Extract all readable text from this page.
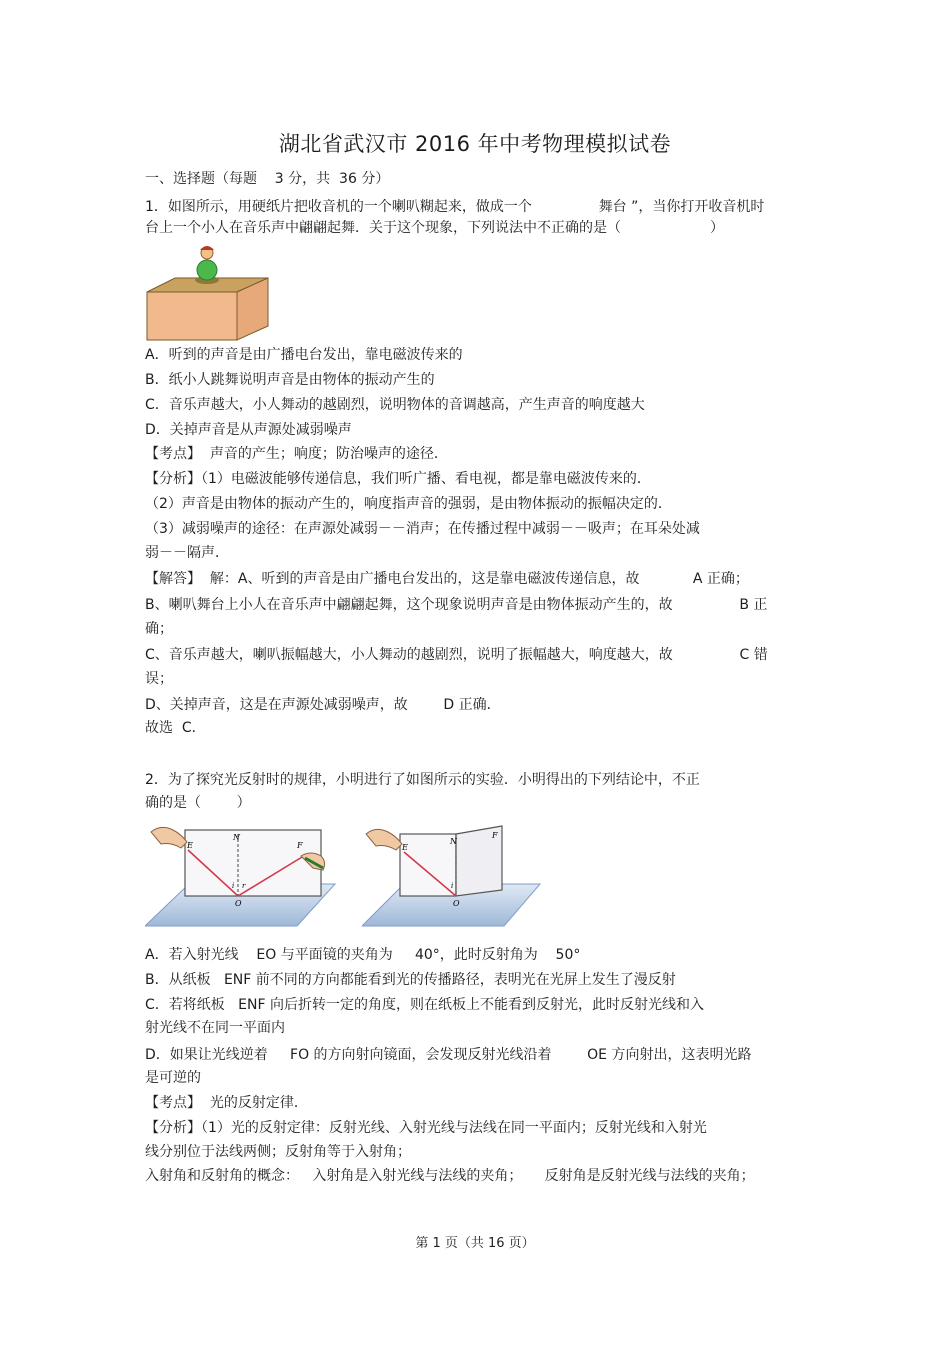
湖北省武汉市 2016 年中考物理模拟试卷
一、选择题（每题    3 分，共  36 分）
1．如图所示，用硬纸片把收音机的一个喇叭糊起来，做成一个               舞台 ”，当你打开收音机时
台上一个小人在音乐声中翩翩起舞．关于这个现象，下列说法中不正确的是（                    ）
A．听到的声音是由广播电台发出，靠电磁波传来的
B．纸小人跳舞说明声音是由物体的振动产生的
C．音乐声越大，小人舞动的越剧烈，说明物体的音调越高，产生声音的响度越大
D．关掉声音是从声源处减弱噪声
【考点】  声音的产生；响度；防治噪声的途径．
【分析】（1）电磁波能够传递信息，我们听广播、看电视，都是靠电磁波传来的．
（2）声音是由物体的振动产生的，响度指声音的强弱，是由物体振动的振幅决定的．
（3）减弱噪声的途径：在声源处减弱－－消声；在传播过程中减弱－－吸声；在耳朵处减
弱－－隔声．
【解答】  解：A、听到的声音是由广播电台发出的，这是靠电磁波传递信息，故            A 正确；
B、喇叭舞台上小人在音乐声中翩翩起舞，这个现象说明声音是由物体振动产生的，故               B 正
确；
C、音乐声越大，喇叭振幅越大，小人舞动的越剧烈，说明了振幅越大，响度越大，故               C 错
误；
D、关掉声音，这是在声源处减弱噪声，故        D 正确．
故选  C．
2．为了探究光反射时的规律，小明进行了如图所示的实验．小明得出的下列结论中，不正
确的是（        ）
N
E	F
i r
O
E
N
F
i
O
A．若入射光线    EO 与平面镜的夹角为     40°，此时反射角为    50°
B．从纸板   ENF 前不同的方向都能看到光的传播路径，表明光在光屏上发生了漫反射
C．若将纸板   ENF 向后折转一定的角度，则在纸板上不能看到反射光，此时反射光线和入
射光线不在同一平面内
D．如果让光线逆着     FO 的方向射向镜面，会发现反射光线沿着        OE 方向射出，这表明光路
是可逆的
【考点】  光的反射定律．
【分析】（1）光的反射定律：反射光线、入射光线与法线在同一平面内；反射光线和入射光
线分别位于法线两侧；反射角等于入射角；
入射角和反射角的概念：   入射角是入射光线与法线的夹角；     反射角是反射光线与法线的夹角；
第 1 页（共 16 页）
